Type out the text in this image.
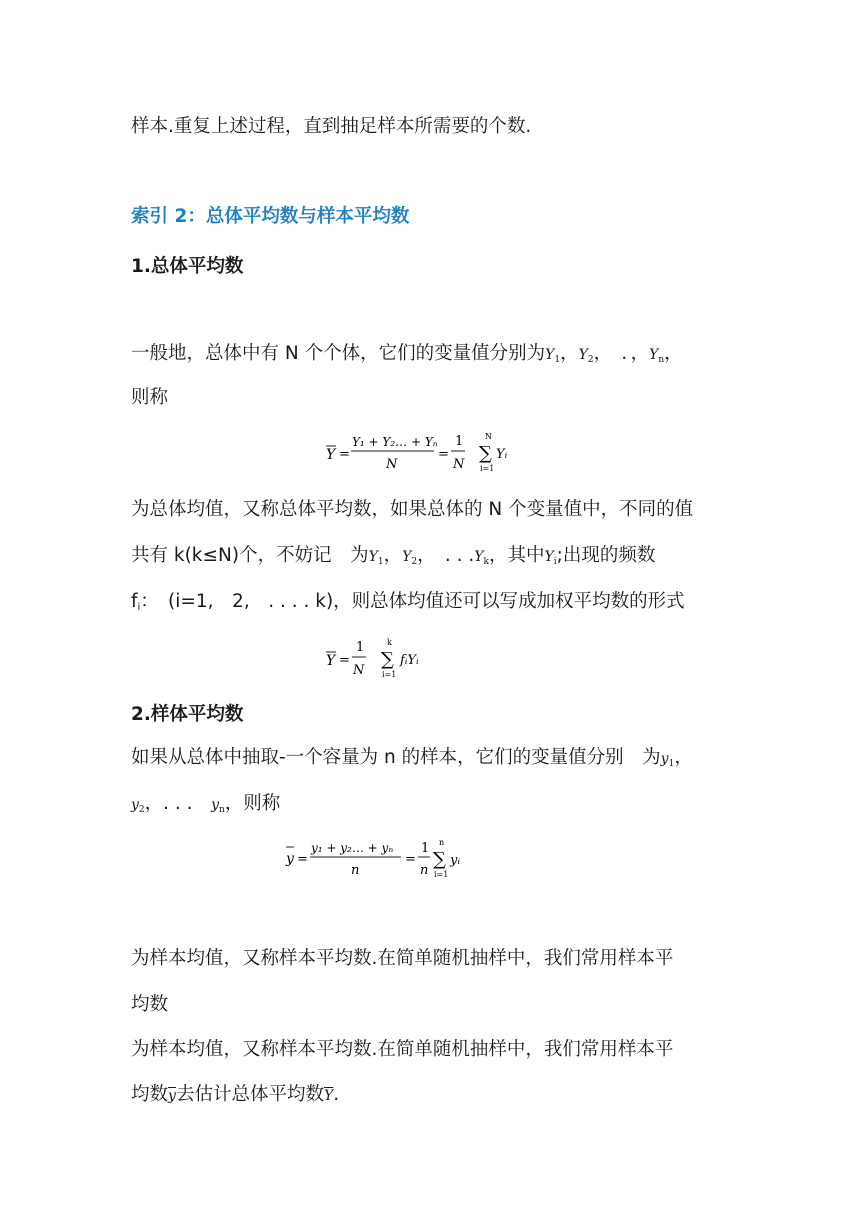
样本.重复上述过程，直到抽足样本所需要的个数.
索引 2：总体平均数与样本平均数
1.总体平均数
一般地，总体中有 N 个个体，它们的变量值分别为$Y_1$，$Y_2$，　．，$Y_n$，
则称
Y =
Y₁ + Y₂… + Yₙ
N
=
1
N
N
∑
i=1
Yᵢ
为总体均值，又称总体平均数，如果总体的 N 个变量值中，不同的值
共有 k(k≤N)个，不妨记　为$Y_1$，$Y_2$，　. . $.Y_k$，其中$Y_i$;出现的频数
$f_i$：　(i=1,　2,　. . . . k)，则总体均值还可以写成加权平均数的形式
Y =
1
N
k
∑
i=1
fᵢYᵢ
2.样体平均数
如果从总体中抽取-一个容量为 n 的样本，它们的变量值分别　为$y_1$，
$y_2$，. . .　$y_n$，则称
y =
y₁ + y₂… + yₙ
n
=
1
n
n
∑
i=1
yᵢ
为样本均值，又称样本平均数.在简单随机抽样中，我们常用样本平
均数
为样本均值，又称样本平均数.在简单随机抽样中，我们常用样本平
均数$\overline{y}$去估计总体平均数$\overline{Y}$.
